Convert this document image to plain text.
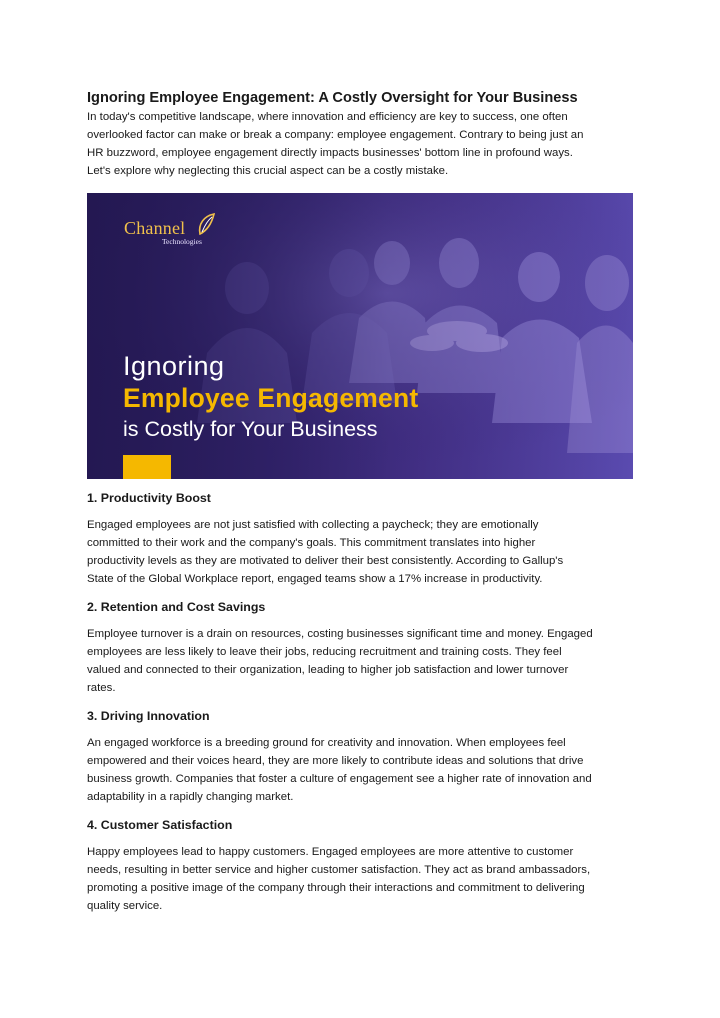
Ignoring Employee Engagement: A Costly Oversight for Your Business

In today's competitive landscape, where innovation and efficiency are key to success, one often
overlooked factor can make or break a company: employee engagement. Contrary to being just an
HR buzzword, employee engagement directly impacts businesses' bottom line in profound ways.
Let's explore why neglecting this crucial aspect can be a costly mistake.

Channel
Technologies
Ignoring
Employee Engagement
is Costly for Your Business
1. Productivity Boost

Engaged employees are not just satisfied with collecting a paycheck; they are emotionally
committed to their work and the company's goals. This commitment translates into higher
productivity levels as they are motivated to deliver their best consistently. According to Gallup's
State of the Global Workplace report, engaged teams show a 17% increase in productivity.

2. Retention and Cost Savings

Employee turnover is a drain on resources, costing businesses significant time and money. Engaged
employees are less likely to leave their jobs, reducing recruitment and training costs. They feel
valued and connected to their organization, leading to higher job satisfaction and lower turnover
rates.

3. Driving Innovation

An engaged workforce is a breeding ground for creativity and innovation. When employees feel
empowered and their voices heard, they are more likely to contribute ideas and solutions that drive
business growth. Companies that foster a culture of engagement see a higher rate of innovation and
adaptability in a rapidly changing market.

4. Customer Satisfaction

Happy employees lead to happy customers. Engaged employees are more attentive to customer
needs, resulting in better service and higher customer satisfaction. They act as brand ambassadors,
promoting a positive image of the company through their interactions and commitment to delivering
quality service.
